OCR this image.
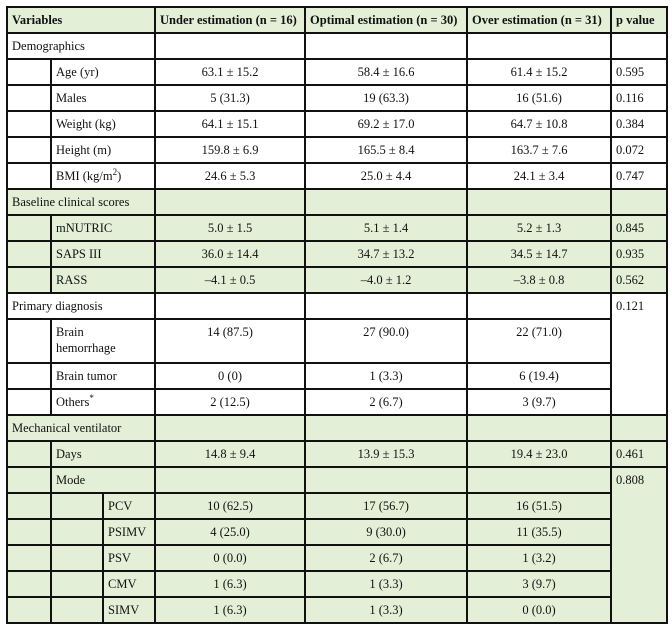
Variables			Under estimation (n = 16)	Optimal estimation (n = 30)	Over estimation (n = 31)	p value
Demographics						
	Age (yr)		63.1 ± 15.2	58.4 ± 16.6	61.4 ± 15.2	0.595
	Males		5 (31.3)	19 (63.3)	16 (51.6)	0.116
	Weight (kg)		64.1 ± 15.1	69.2 ± 17.0	64.7 ± 10.8	0.384
	Height (m)		159.8 ± 6.9	165.5 ± 8.4	163.7 ± 7.6	0.072
	BMI $(kg/m^2)$		24.6 ± 5.3	25.0 ± 4.4	24.1 ± 3.4	0.747
Baseline clinical scores						
	mNUTRIC		5.0 ± 1.5	5.1 ± 1.4	5.2 ± 1.3	0.845
	SAPS III		36.0 ± 14.4	34.7 ± 13.2	34.5 ± 14.7	0.935
	RASS		–4.1 ± 0.5	–4.0 ± 1.2	–3.8 ± 0.8	0.562
Primary diagnosis						0.121
	Brain
hemorrhage		14 (87.5)	27 (90.0)	22 (71.0)	
	Brain tumor		0 (0)	1 (3.3)	6 (19.4)	
	Others*		2 (12.5)	2 (6.7)	3 (9.7)	
Mechanical ventilator						
	Days		14.8 ± 9.4	13.9 ± 15.3	19.4 ± 23.0	0.461
	Mode					0.808
		PCV	10 (62.5)	17 (56.7)	16 (51.5)	
		PSIMV	4 (25.0)	9 (30.0)	11 (35.5)	
		PSV	0 (0.0)	2 (6.7)	1 (3.2)	
		CMV	1 (6.3)	1 (3.3)	3 (9.7)	
		SIMV	1 (6.3)	1 (3.3)	0 (0.0)	
